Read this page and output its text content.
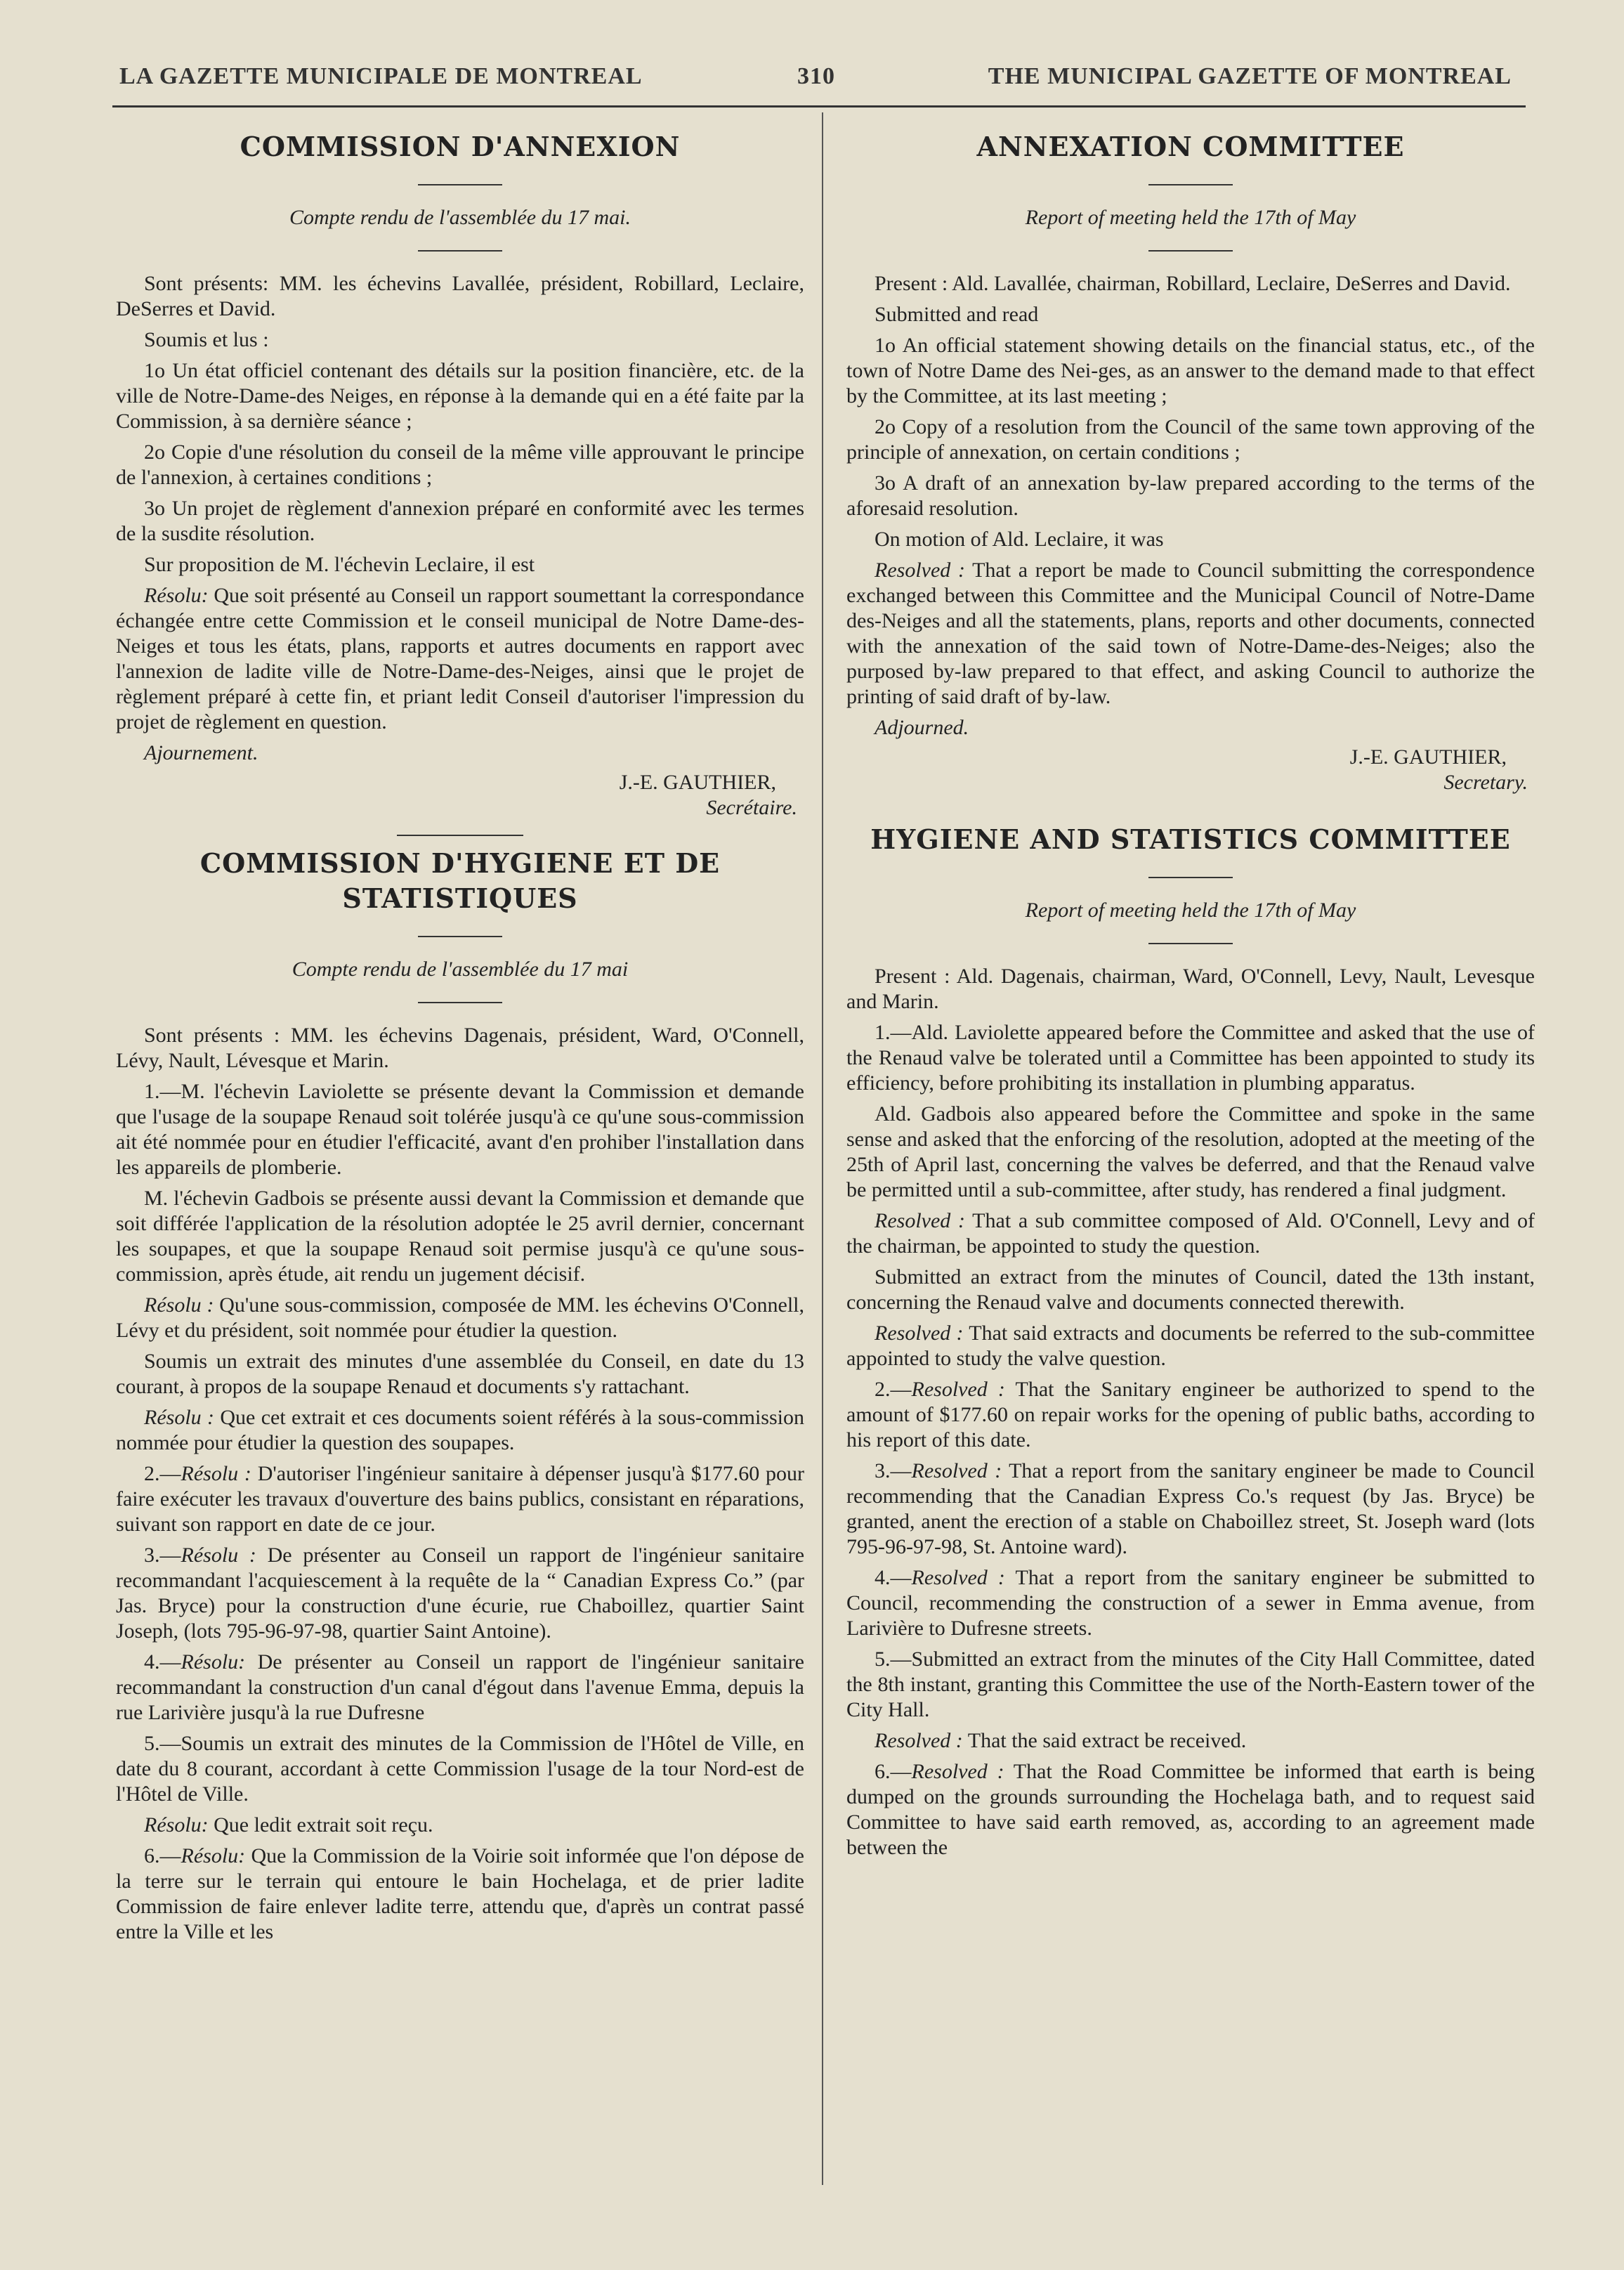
LA GAZETTE MUNICIPALE DE MONTREAL	310	THE MUNICIPAL GAZETTE OF MONTREAL
COMMISSION D'ANNEXION
Compte rendu de l'assemblée du 17 mai.

Sont présents: MM. les échevins Lavallée, président, Robillard, Leclaire, DeSerres et David.

Soumis et lus :

1o Un état officiel contenant des détails sur la position financière, etc. de la ville de Notre-Dame-des Neiges, en réponse à la demande qui en a été faite par la Commission, à sa dernière séance ;

2o Copie d'une résolution du conseil de la même ville approuvant le principe de l'annexion, à certaines conditions ;

3o Un projet de règlement d'annexion préparé en conformité avec les termes de la susdite résolution.

Sur proposition de M. l'échevin Leclaire, il est

Résolu: Que soit présenté au Conseil un rapport soumettant la correspondance échangée entre cette Commission et le conseil municipal de Notre Dame-des-Neiges et tous les états, plans, rapports et autres documents en rapport avec l'annexion de ladite ville de Notre-Dame-des-Neiges, ainsi que le projet de règlement préparé à cette fin, et priant ledit Conseil d'autoriser l'impression du projet de règlement en question.

Ajournement.
J.-E. GAUTHIER,
Secrétaire.
COMMISSION D'HYGIENE ET DE STATISTIQUES
Compte rendu de l'assemblée du 17 mai

Sont présents : MM. les échevins Dagenais, président, Ward, O'Connell, Lévy, Nault, Lévesque et Marin.

1.—M. l'échevin Laviolette se présente devant la Commission et demande que l'usage de la soupape Renaud soit tolérée jusqu'à ce qu'une sous-commission ait été nommée pour en étudier l'efficacité, avant d'en prohiber l'installation dans les appareils de plomberie.

M. l'échevin Gadbois se présente aussi devant la Commission et demande que soit différée l'application de la résolution adoptée le 25 avril dernier, concernant les soupapes, et que la soupape Renaud soit permise jusqu'à ce qu'une sous-commission, après étude, ait rendu un jugement décisif.

Résolu : Qu'une sous-commission, composée de MM. les échevins O'Connell, Lévy et du président, soit nommée pour étudier la question.

Soumis un extrait des minutes d'une assemblée du Conseil, en date du 13 courant, à propos de la soupape Renaud et documents s'y rattachant.

Résolu : Que cet extrait et ces documents soient référés à la sous-commission nommée pour étudier la question des soupapes.

2.—Résolu : D'autoriser l'ingénieur sanitaire à dépenser jusqu'à $177.60 pour faire exécuter les travaux d'ouverture des bains publics, consistant en réparations, suivant son rapport en date de ce jour.

3.—Résolu : De présenter au Conseil un rapport de l'ingénieur sanitaire recommandant l'acquiescement à la requête de la “ Canadian Express Co.” (par Jas. Bryce) pour la construction d'une écurie, rue Chaboillez, quartier Saint Joseph, (lots 795-96-97-98, quartier Saint Antoine).

4.—Résolu: De présenter au Conseil un rapport de l'ingénieur sanitaire recommandant la construction d'un canal d'égout dans l'avenue Emma, depuis la rue Larivière jusqu'à la rue Dufresne

5.—Soumis un extrait des minutes de la Commission de l'Hôtel de Ville, en date du 8 courant, accordant à cette Commission l'usage de la tour Nord-est de l'Hôtel de Ville.

Résolu: Que ledit extrait soit reçu.

6.—Résolu: Que la Commission de la Voirie soit informée que l'on dépose de la terre sur le terrain qui entoure le bain Hochelaga, et de prier ladite Commission de faire enlever ladite terre, attendu que, d'après un contrat passé entre la Ville et les

ANNEXATION COMMITTEE
Report of meeting held the 17th of May

Present : Ald. Lavallée, chairman, Robillard, Leclaire, DeSerres and David.

Submitted and read

1o An official statement showing details on the financial status, etc., of the town of Notre Dame des Nei-ges, as an answer to the demand made to that effect by the Committee, at its last meeting ;

2o Copy of a resolution from the Council of the same town approving of the principle of annexation, on certain conditions ;

3o A draft of an annexation by-law prepared according to the terms of the aforesaid resolution.

On motion of Ald. Leclaire, it was

Resolved : That a report be made to Council submitting the correspondence exchanged between this Committee and the Municipal Council of Notre-Dame des-Neiges and all the statements, plans, reports and other documents, connected with the annexation of the said town of Notre-Dame-des-Neiges; also the purposed by-law prepared to that effect, and asking Council to authorize the printing of said draft of by-law.

Adjourned.
J.-E. GAUTHIER,
Secretary.
HYGIENE AND STATISTICS COMMITTEE
Report of meeting held the 17th of May

Present : Ald. Dagenais, chairman, Ward, O'Connell, Levy, Nault, Levesque and Marin.

1.—Ald. Laviolette appeared before the Committee and asked that the use of the Renaud valve be tolerated until a Committee has been appointed to study its efficiency, before prohibiting its installation in plumbing apparatus.

Ald. Gadbois also appeared before the Committee and spoke in the same sense and asked that the enforcing of the resolution, adopted at the meeting of the 25th of April last, concerning the valves be deferred, and that the Renaud valve be permitted until a sub-committee, after study, has rendered a final judgment.

Resolved : That a sub committee composed of Ald. O'Connell, Levy and of the chairman, be appointed to study the question.

Submitted an extract from the minutes of Council, dated the 13th instant, concerning the Renaud valve and documents connected therewith.

Resolved : That said extracts and documents be referred to the sub-committee appointed to study the valve question.

2.—Resolved : That the Sanitary engineer be authorized to spend to the amount of $177.60 on repair works for the opening of public baths, according to his report of this date.

3.—Resolved : That a report from the sanitary engineer be made to Council recommending that the Canadian Express Co.'s request (by Jas. Bryce) be granted, anent the erection of a stable on Chaboillez street, St. Joseph ward (lots 795-96-97-98, St. Antoine ward).

4.—Resolved : That a report from the sanitary engineer be submitted to Council, recommending the construction of a sewer in Emma avenue, from Larivière to Dufresne streets.

5.—Submitted an extract from the minutes of the City Hall Committee, dated the 8th instant, granting this Committee the use of the North-Eastern tower of the City Hall.

Resolved : That the said extract be received.

6.—Resolved : That the Road Committee be informed that earth is being dumped on the grounds surrounding the Hochelaga bath, and to request said Committee to have said earth removed, as, according to an agreement made between the
